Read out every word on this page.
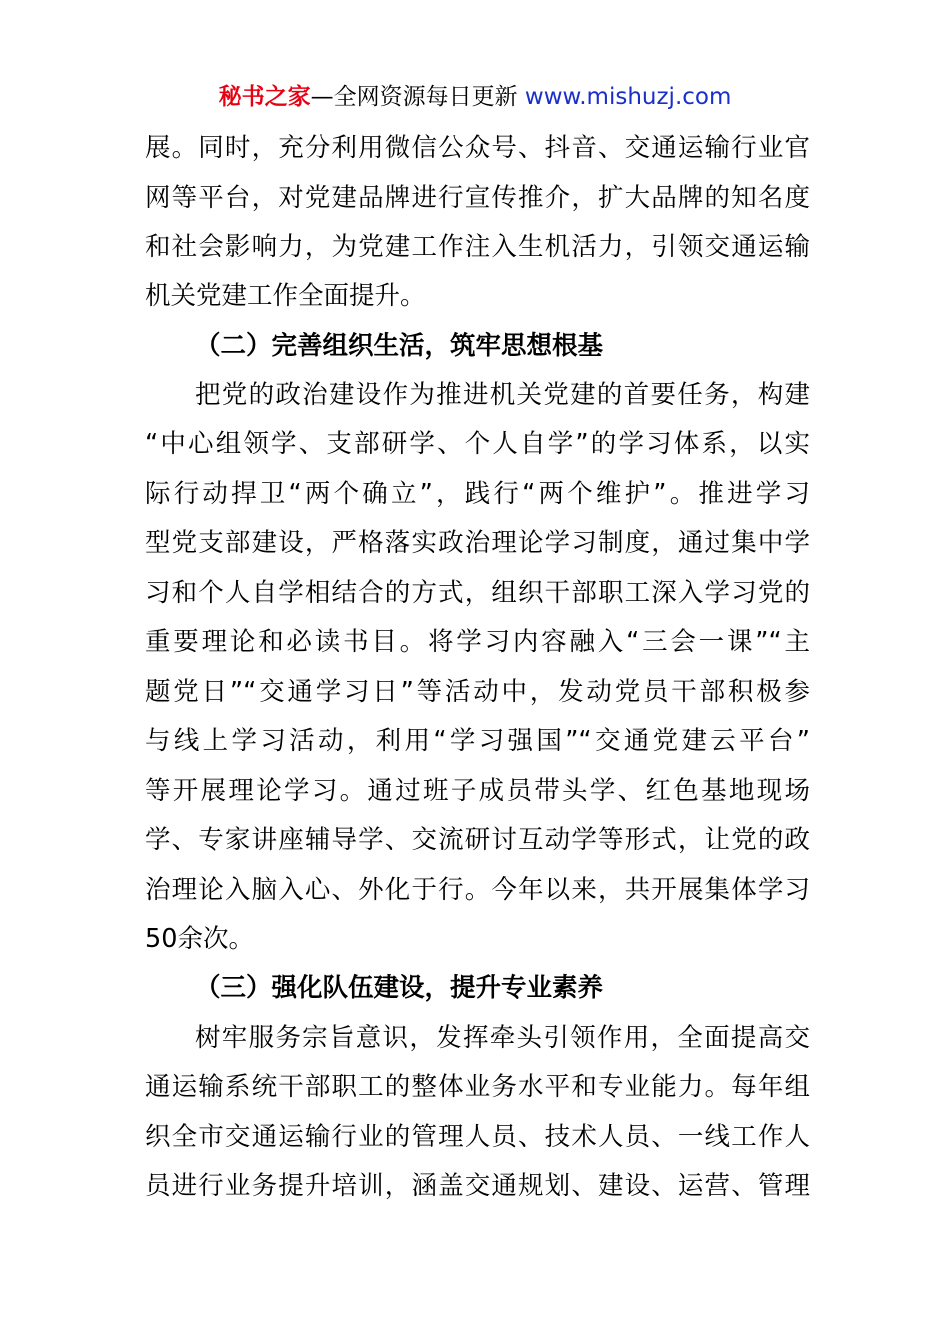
秘书之家—全网资源每日更新 www.mishuzj.com
展。同时，充分利用微信公众号、抖音、交通运输行业官
网等平台，对党建品牌进行宣传推介，扩大品牌的知名度
和社会影响力，为党建工作注入生机活力，引领交通运输
机关党建工作全面提升。
（二）完善组织生活，筑牢思想根基
把党的政治建设作为推进机关党建的首要任务，构建
“中心组领学、支部研学、个人自学”的学习体系，以实
际行动捍卫“两个确立”，践行“两个维护”。推进学习
型党支部建设，严格落实政治理论学习制度，通过集中学
习和个人自学相结合的方式，组织干部职工深入学习党的
重要理论和必读书目。将学习内容融入“三会一课”“主
题党日”“交通学习日”等活动中，发动党员干部积极参
与线上学习活动，利用“学习强国”“交通党建云平台”
等开展理论学习。通过班子成员带头学、红色基地现场
学、专家讲座辅导学、交流研讨互动学等形式，让党的政
治理论入脑入心、外化于行。今年以来，共开展集体学习
50余次。
（三）强化队伍建设，提升专业素养
树牢服务宗旨意识，发挥牵头引领作用，全面提高交
通运输系统干部职工的整体业务水平和专业能力。每年组
织全市交通运输行业的管理人员、技术人员、一线工作人
员进行业务提升培训，涵盖交通规划、建设、运营、管理
